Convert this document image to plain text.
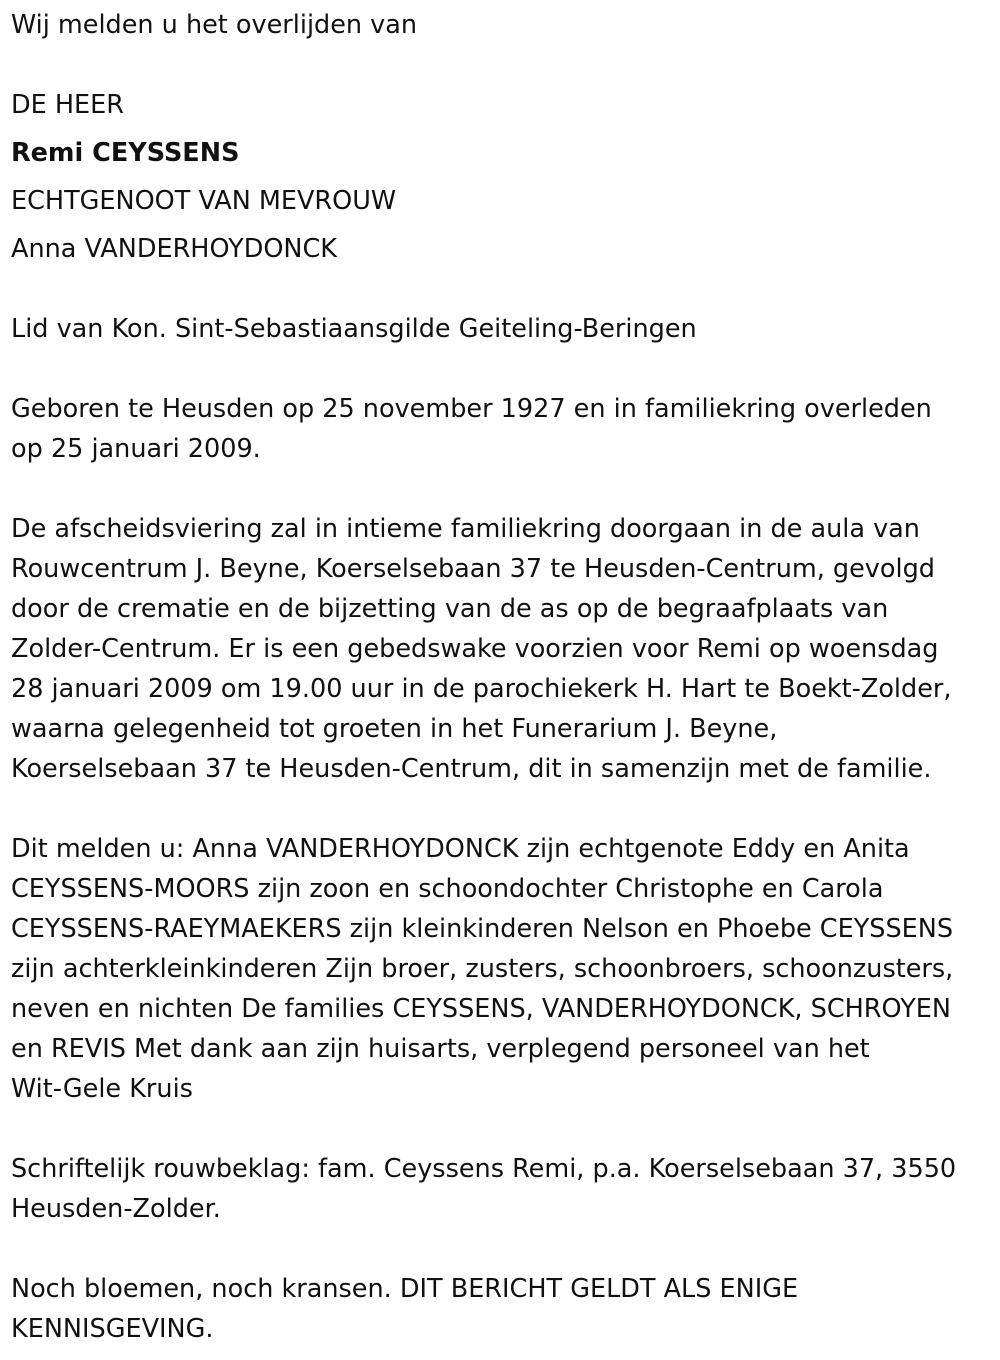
Wij melden u het overlijden van
DE HEER
Remi CEYSSENS
ECHTGENOOT VAN MEVROUW
Anna VANDERHOYDONCK
Lid van Kon. Sint-Sebastiaansgilde Geiteling-Beringen
Geboren te Heusden op 25 november 1927 en in familiekring overleden
op 25 januari 2009.
De afscheidsviering zal in intieme familiekring doorgaan in de aula van
Rouwcentrum J. Beyne, Koerselsebaan 37 te Heusden-Centrum, gevolgd
door de crematie en de bijzetting van de as op de begraafplaats van
Zolder-Centrum. Er is een gebedswake voorzien voor Remi op woensdag
28 januari 2009 om 19.00 uur in de parochiekerk H. Hart te Boekt-Zolder,
waarna gelegenheid tot groeten in het Funerarium J. Beyne,
Koerselsebaan 37 te Heusden-Centrum, dit in samenzijn met de familie.
Dit melden u: Anna VANDERHOYDONCK zijn echtgenote Eddy en Anita
CEYSSENS-MOORS zijn zoon en schoondochter Christophe en Carola
CEYSSENS-RAEYMAEKERS zijn kleinkinderen Nelson en Phoebe CEYSSENS
zijn achterkleinkinderen Zijn broer, zusters, schoonbroers, schoonzusters,
neven en nichten De families CEYSSENS, VANDERHOYDONCK, SCHROYEN
en REVIS Met dank aan zijn huisarts, verplegend personeel van het
Wit-Gele Kruis
Schriftelijk rouwbeklag: fam. Ceyssens Remi, p.a. Koerselsebaan 37, 3550
Heusden-Zolder.
Noch bloemen, noch kransen. DIT BERICHT GELDT ALS ENIGE
KENNISGEVING.
